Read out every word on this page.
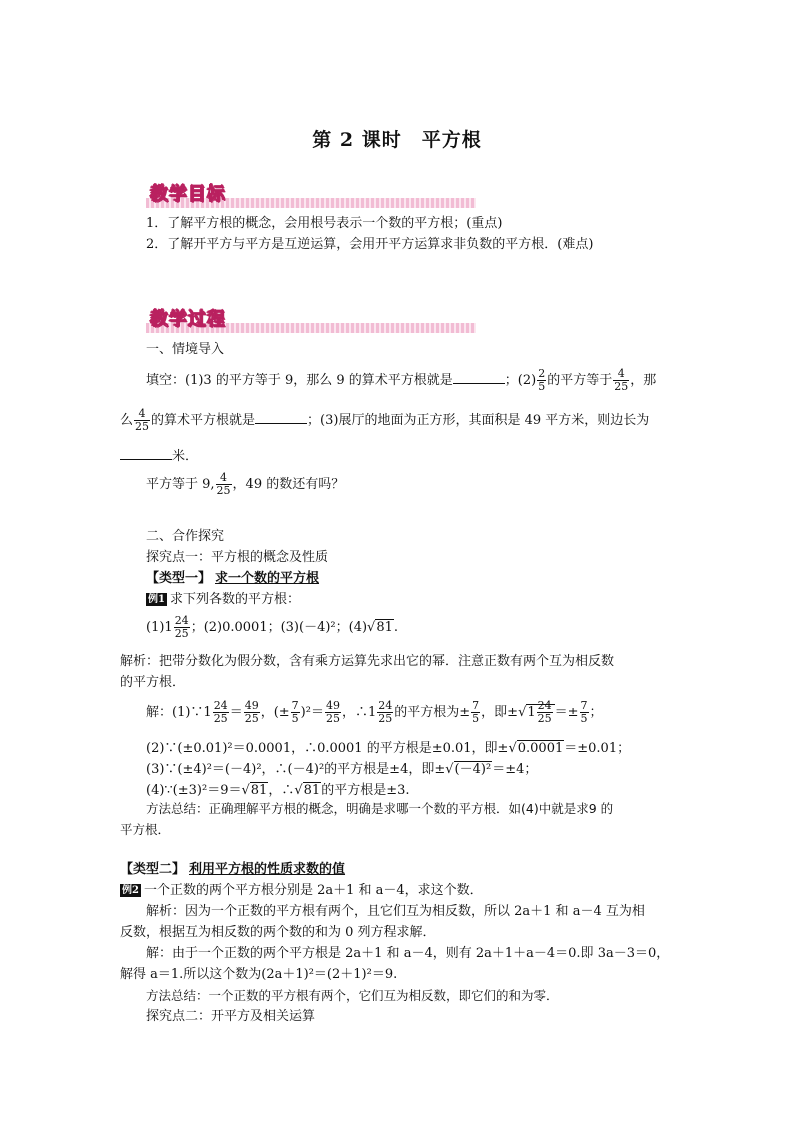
第 2 课时　平方根
教学目标
1．了解平方根的概念，会用根号表示一个数的平方根；(重点)
2．了解开平方与平方是互逆运算，会用开平方运算求非负数的平方根．(难点)
教学过程
一、情境导入
填空：(1)3 的平方等于 9，那么 9 的算术平方根就是	；$(2) \frac{2}{5}$ 的平方等于 $\frac{4}{25}$ ，那
么 $\frac{4}{25}$ 的算术平方根就是	；(3)展厅的地面为正方形，其面积是 49 平方米，则边长为
米．
平方等于 9, $\frac{4}{25}$ ，49 的数还有吗？
二、合作探究
探究点一：平方根的概念及性质
【类型一】 求一个数的平方根
例1 求下列各数的平方根：
$(1)1 \frac{24}{25}$ ；(2)0.0001；(3)(－4)²；(4)√81.
解析：把带分数化为假分数，含有乘方运算先求出它的幂．注意正数有两个互为相反数
的平方根．
解：(1)∵1 $\frac{24}{25} = \frac{49}{25}$ ，(± $\frac{7}{5} )^2= \frac{49}{25}$ ，∴1 $\frac{24}{25}$ 的平方根为± $\frac{7}{5}$ ，即$\pm√1 \frac{24}{25} =\pm \frac{7}{5}$ ；
(2)∵(±0.01)²＝0.0001，∴0.0001 的平方根是±0.01，即±√0.0001＝±0.01；
(3)∵(±4)²＝(－4)²，∴(－4)²的平方根是±4，即±√(－4)²＝±4；
(4)∵(±3)²＝9＝√81，∴√81的平方根是±3.
方法总结：正确理解平方根的概念，明确是求哪一个数的平方根．如(4)中就是求9 的
平方根．
【类型二】 利用平方根的性质求数的值
例2 一个正数的两个平方根分别是 2a＋1 和 a－4，求这个数．
解析：因为一个正数的平方根有两个，且它们互为相反数，所以 2a＋1 和 a－4 互为相
反数，根据互为相反数的两个数的和为 0 列方程求解．
解：由于一个正数的两个平方根是 2a＋1 和 a－4，则有 2a＋1＋a－4＝0.即 3a－3＝0，
解得 a＝1.所以这个数为(2a＋1)²＝(2＋1)²＝9.
方法总结：一个正数的平方根有两个，它们互为相反数，即它们的和为零．
探究点二：开平方及相关运算
